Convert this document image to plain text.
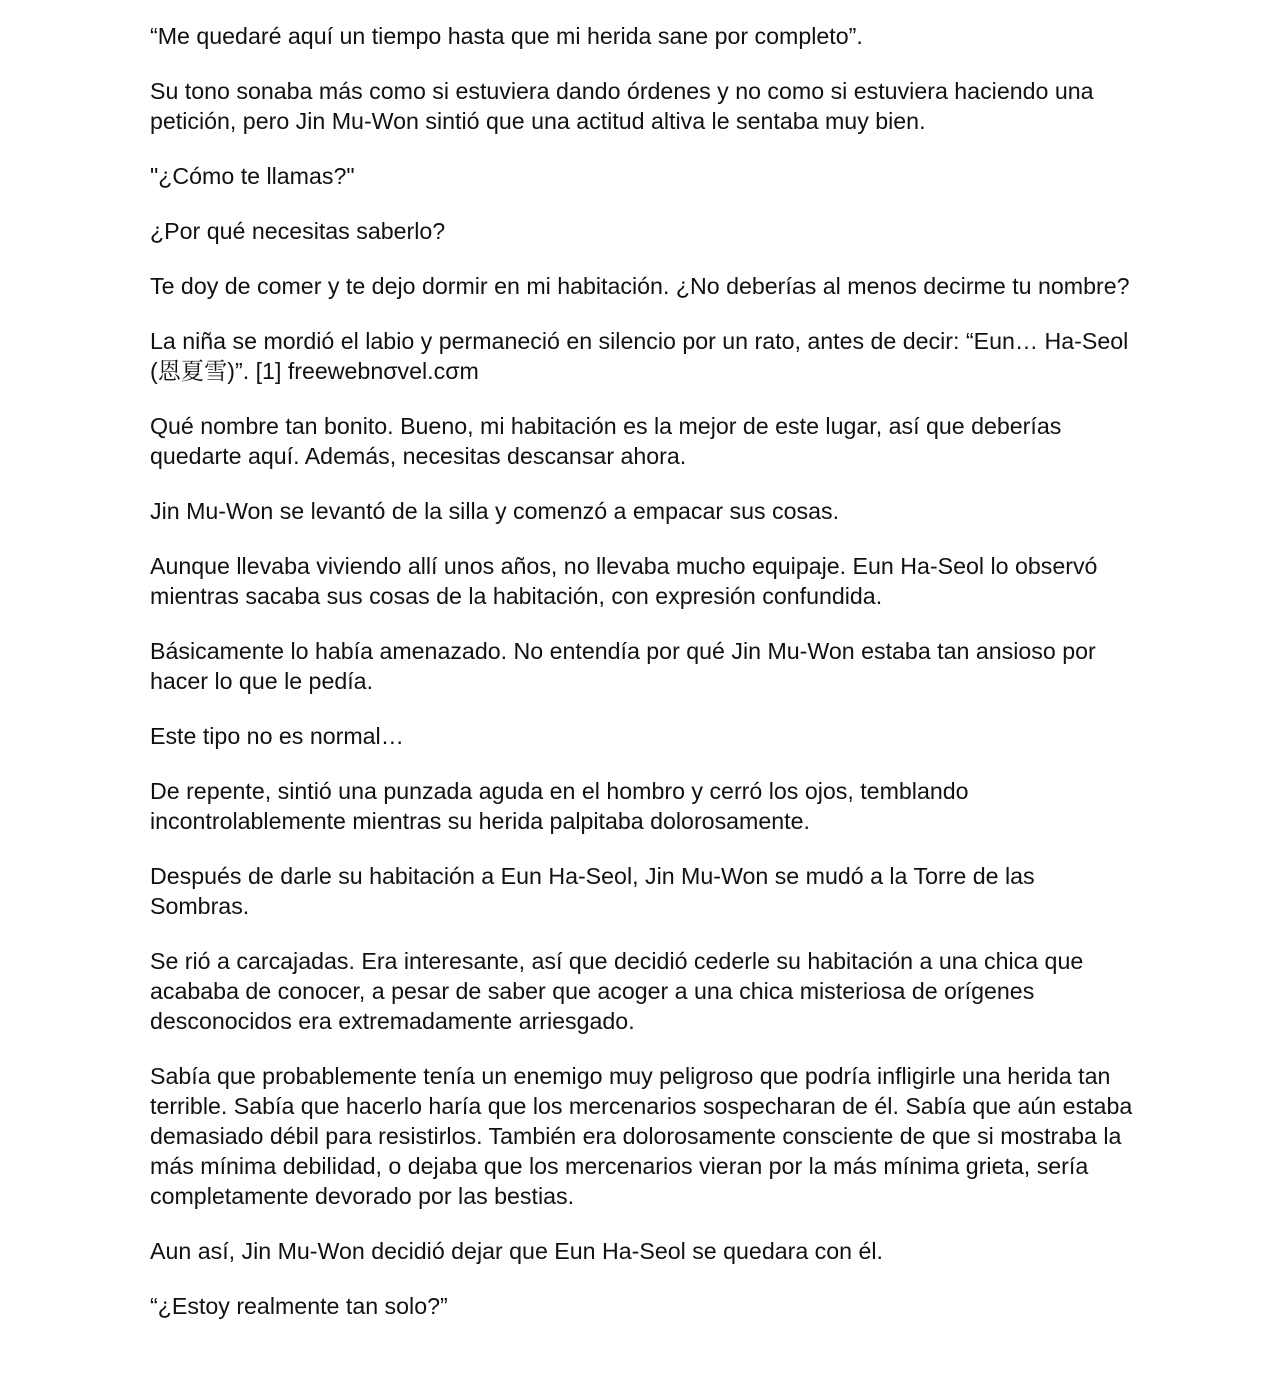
“Me quedaré aquí un tiempo hasta que mi herida sane por completo”.

Su tono sonaba más como si estuviera dando órdenes y no como si estuviera haciendo una petición, pero Jin Mu-Won sintió que una actitud altiva le sentaba muy bien.

"¿Cómo te llamas?"

¿Por qué necesitas saberlo?

Te doy de comer y te dejo dormir en mi habitación. ¿No deberías al menos decirme tu nombre?

La niña se mordió el labio y permaneció en silencio por un rato, antes de decir: “Eun… Ha-Seol (恩夏雪)”. [1] freewebnσvel.cσm

Qué nombre tan bonito. Bueno, mi habitación es la mejor de este lugar, así que deberías quedarte aquí. Además, necesitas descansar ahora.

Jin Mu-Won se levantó de la silla y comenzó a empacar sus cosas.

Aunque llevaba viviendo allí unos años, no llevaba mucho equipaje. Eun Ha-Seol lo observó mientras sacaba sus cosas de la habitación, con expresión confundida.

Básicamente lo había amenazado. No entendía por qué Jin Mu-Won estaba tan ansioso por hacer lo que le pedía.

Este tipo no es normal…

De repente, sintió una punzada aguda en el hombro y cerró los ojos, temblando incontrolablemente mientras su herida palpitaba dolorosamente.

Después de darle su habitación a Eun Ha-Seol, Jin Mu-Won se mudó a la Torre de las Sombras.

Se rió a carcajadas. Era interesante, así que decidió cederle su habitación a una chica que acababa de conocer, a pesar de saber que acoger a una chica misteriosa de orígenes desconocidos era extremadamente arriesgado.

Sabía que probablemente tenía un enemigo muy peligroso que podría infligirle una herida tan terrible. Sabía que hacerlo haría que los mercenarios sospecharan de él. Sabía que aún estaba demasiado débil para resistirlos. También era dolorosamente consciente de que si mostraba la más mínima debilidad, o dejaba que los mercenarios vieran por la más mínima grieta, sería completamente devorado por las bestias.

Aun así, Jin Mu-Won decidió dejar que Eun Ha-Seol se quedara con él.

“¿Estoy realmente tan solo?”
